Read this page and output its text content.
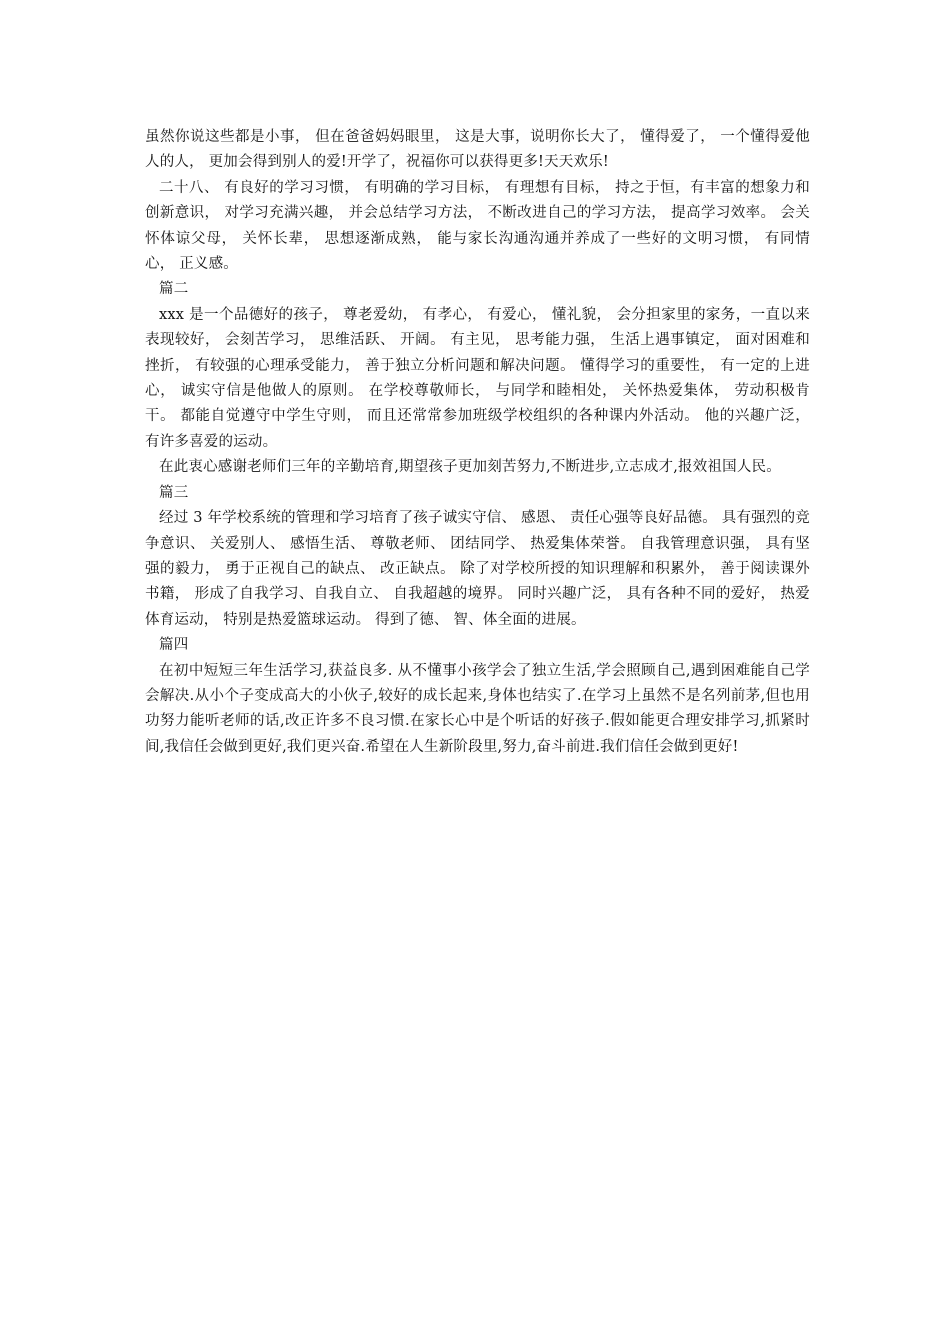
虽然你说这些都是小事， 但在爸爸妈妈眼里， 这是大事，说明你长大了， 懂得爱了， 一个懂得爱他人的人， 更加会得到别人的爱!开学了，祝福你可以获得更多!天天欢乐!

二十八、 有良好的学习习惯， 有明确的学习目标， 有理想有目标， 持之于恒，有丰富的想象力和创新意识， 对学习充满兴趣， 并会总结学习方法， 不断改进自己的学习方法， 提高学习效率。 会关怀体谅父母， 关怀长辈， 思想逐渐成熟， 能与家长沟通沟通并养成了一些好的文明习惯， 有同情心， 正义感。

篇二

xxx 是一个品德好的孩子， 尊老爱幼， 有孝心， 有爱心， 懂礼貌， 会分担家里的家务，一直以来表现较好， 会刻苦学习， 思维活跃、 开阔。 有主见， 思考能力强， 生活上遇事镇定， 面对困难和挫折， 有较强的心理承受能力， 善于独立分析问题和解决问题。 懂得学习的重要性， 有一定的上进心， 诚实守信是他做人的原则。 在学校尊敬师长， 与同学和睦相处， 关怀热爱集体， 劳动积极肯干。 都能自觉遵守中学生守则， 而且还常常参加班级学校组织的各种课内外活动。 他的兴趣广泛， 有许多喜爱的运动。

在此衷心感谢老师们三年的辛勤培育,期望孩子更加刻苦努力,不断进步,立志成才,报效祖国人民。

篇三

经过 3 年学校系统的管理和学习培育了孩子诚实守信、 感恩、 责任心强等良好品德。 具有强烈的竞争意识、 关爱别人、 感悟生活、 尊敬老师、 团结同学、 热爱集体荣誉。 自我管理意识强， 具有坚强的毅力， 勇于正视自己的缺点、 改正缺点。 除了对学校所授的知识理解和积累外， 善于阅读课外书籍， 形成了自我学习、自我自立、 自我超越的境界。 同时兴趣广泛， 具有各种不同的爱好， 热爱体育运动， 特别是热爱篮球运动。 得到了德、 智、体全面的进展。

篇四

在初中短短三年生活学习,获益良多. 从不懂事小孩学会了独立生活,学会照顾自己,遇到困难能自己学会解决.从小个子变成高大的小伙子,较好的成长起来,身体也结实了.在学习上虽然不是名列前茅,但也用功努力能听老师的话,改正许多不良习惯.在家长心中是个听话的好孩子.假如能更合理安排学习,抓紧时间,我信任会做到更好,我们更兴奋.希望在人生新阶段里,努力,奋斗前进.我们信任会做到更好!
